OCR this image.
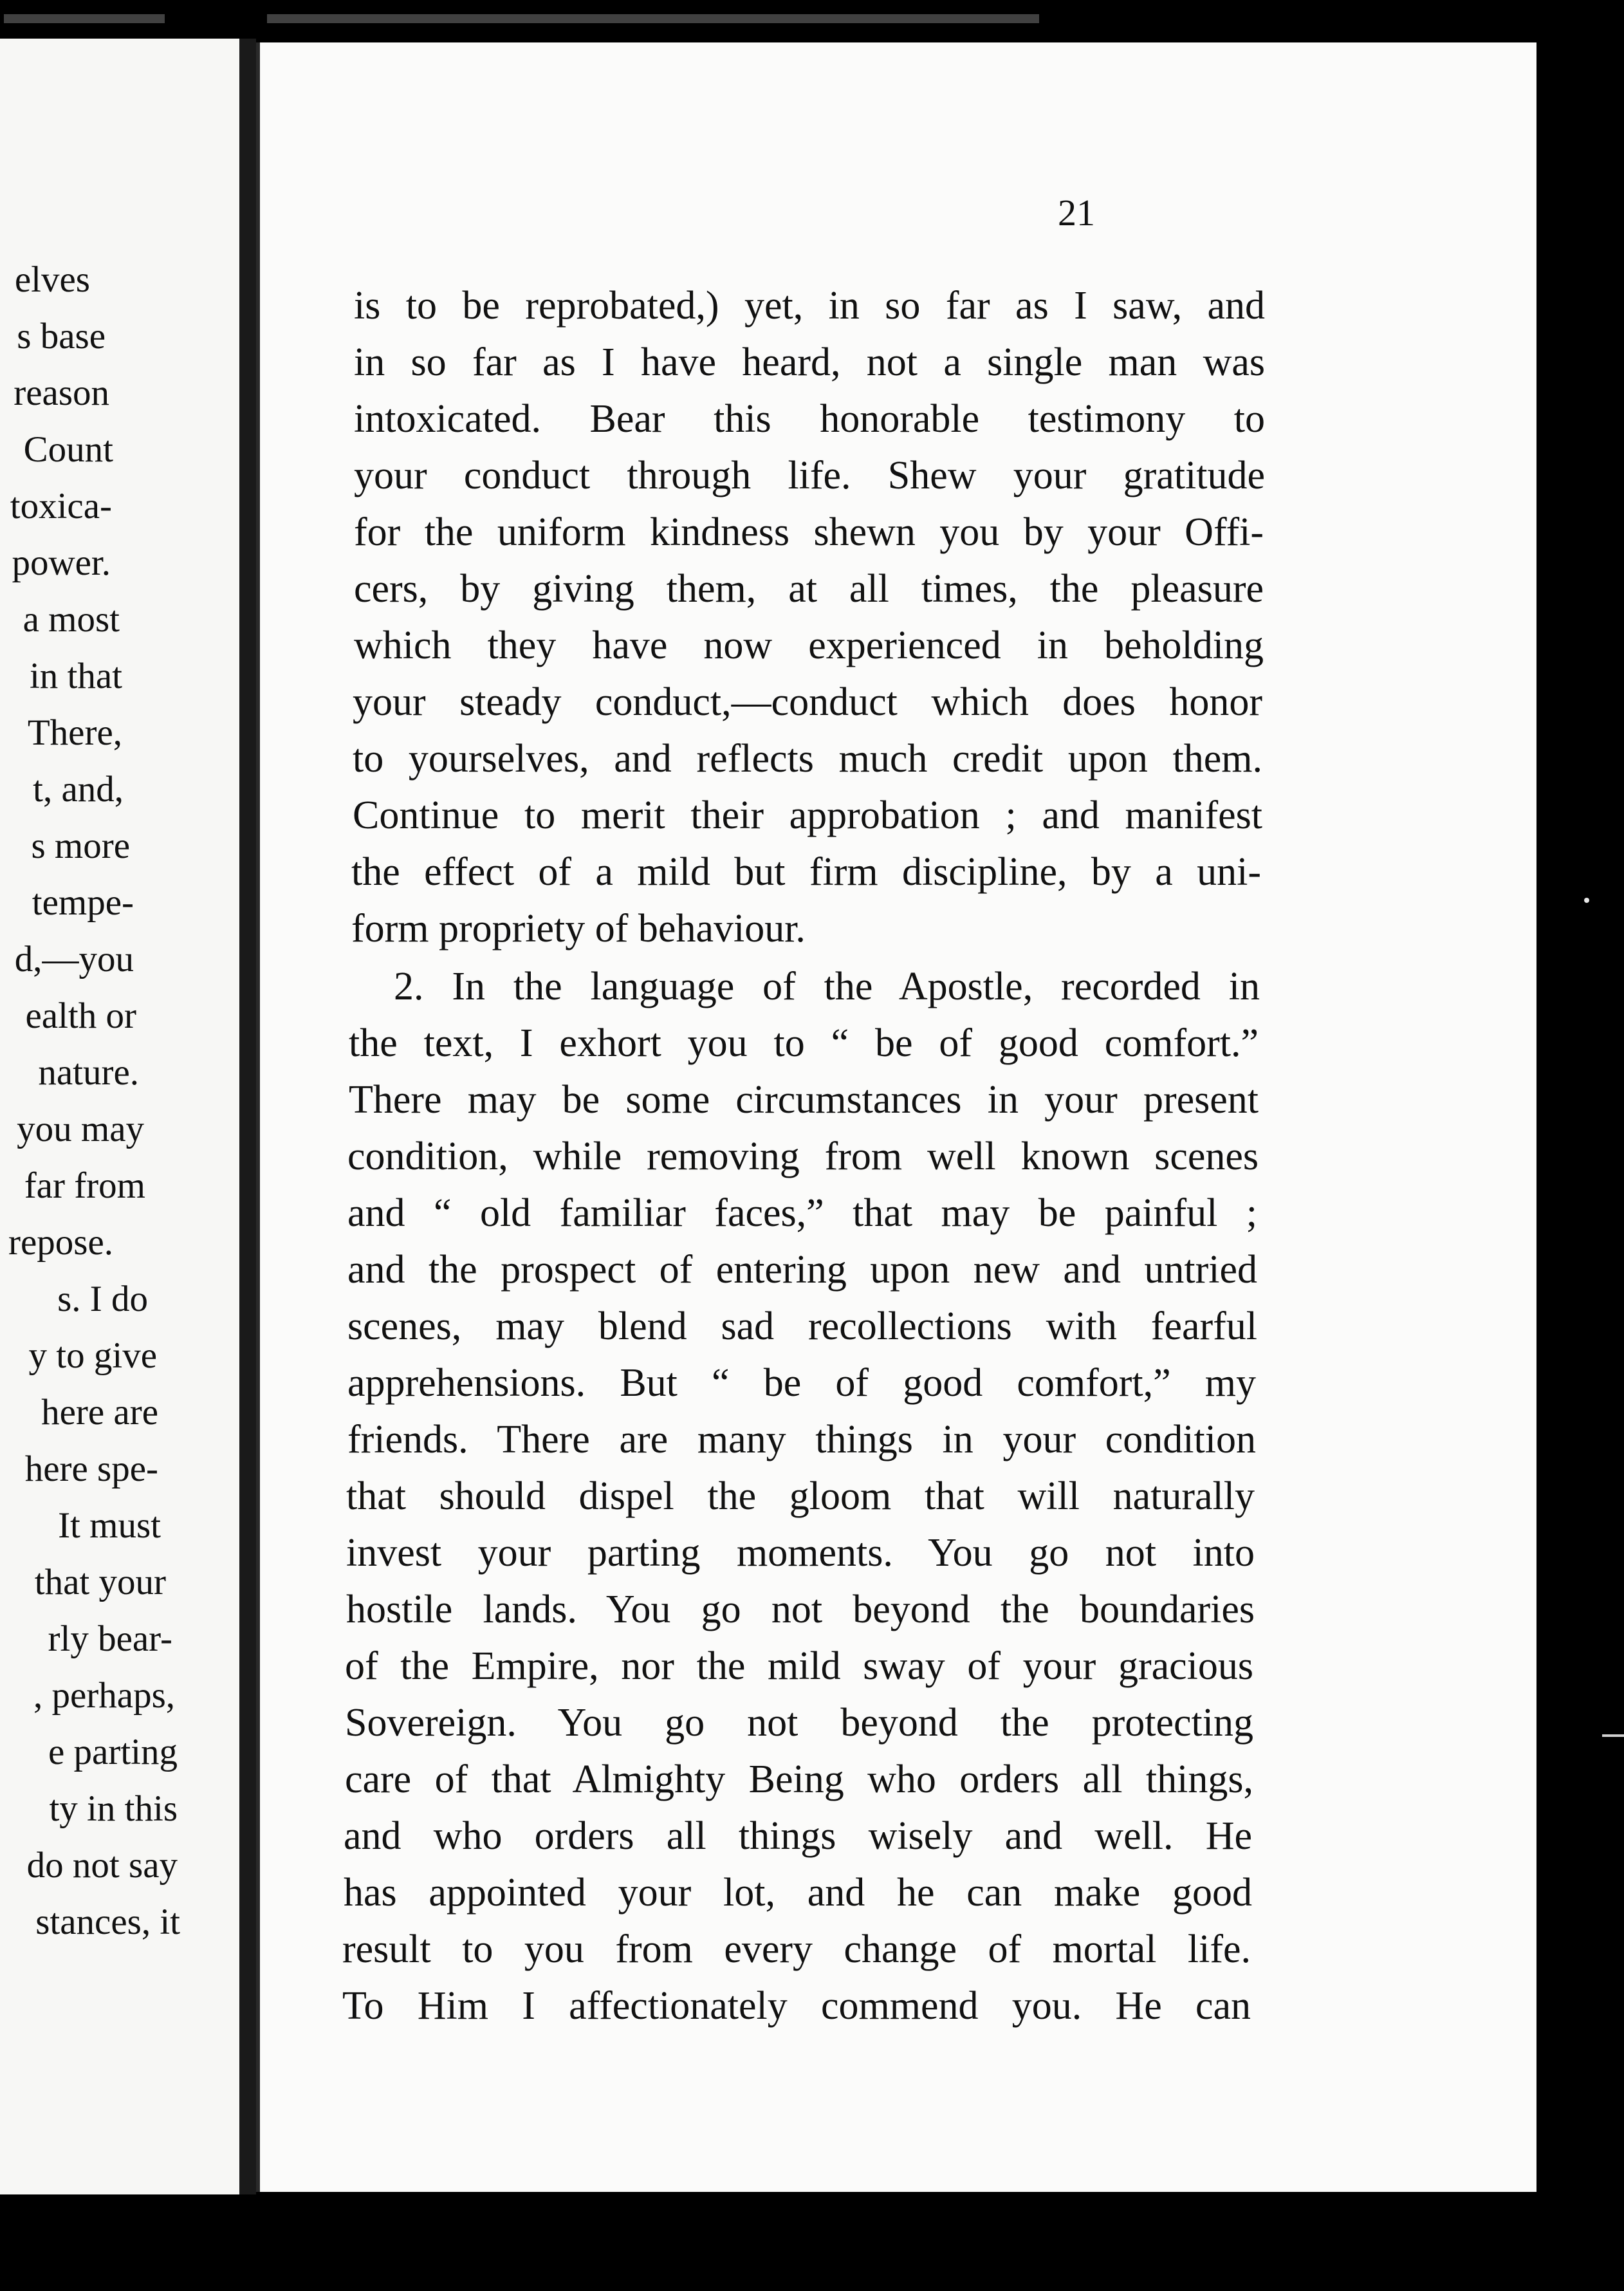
elves
s base
reason
Count
toxica-
power.
a most
in that
There,
t, and,
s more
tempe-
d,—you
ealth or
nature.
you may
far from
repose.
s. I do
y to give
here are
here spe-
It must
that your
rly bear-
, perhaps,
e parting
ty in this
do not say
stances, it
21
is to be reprobated,) yet, in so far as I saw, and
in so far as I have heard, not a single man was
intoxicated. Bear this honorable testimony to
your conduct through life. Shew your gratitude
for the uniform kindness shewn you by your Offi-
cers, by giving them, at all times, the pleasure
which they have now experienced in beholding
your steady conduct,—conduct which does honor
to yourselves, and reflects much credit upon them.
Continue to merit their approbation ; and manifest
the effect of a mild but firm discipline, by a uni-
form propriety of behaviour.
2. In the language of the Apostle, recorded in
the text, I exhort you to “ be of good comfort.”
There may be some circumstances in your present
condition, while removing from well known scenes
and “ old familiar faces,” that may be painful ;
and the prospect of entering upon new and untried
scenes, may blend sad recollections with fearful
apprehensions. But “ be of good comfort,” my
friends. There are many things in your condition
that should dispel the gloom that will naturally
invest your parting moments. You go not into
hostile lands. You go not beyond the boundaries
of the Empire, nor the mild sway of your gracious
Sovereign. You go not beyond the protecting
care of that Almighty Being who orders all things,
and who orders all things wisely and well. He
has appointed your lot, and he can make good
result to you from every change of mortal life.
To Him I affectionately commend you. He can
